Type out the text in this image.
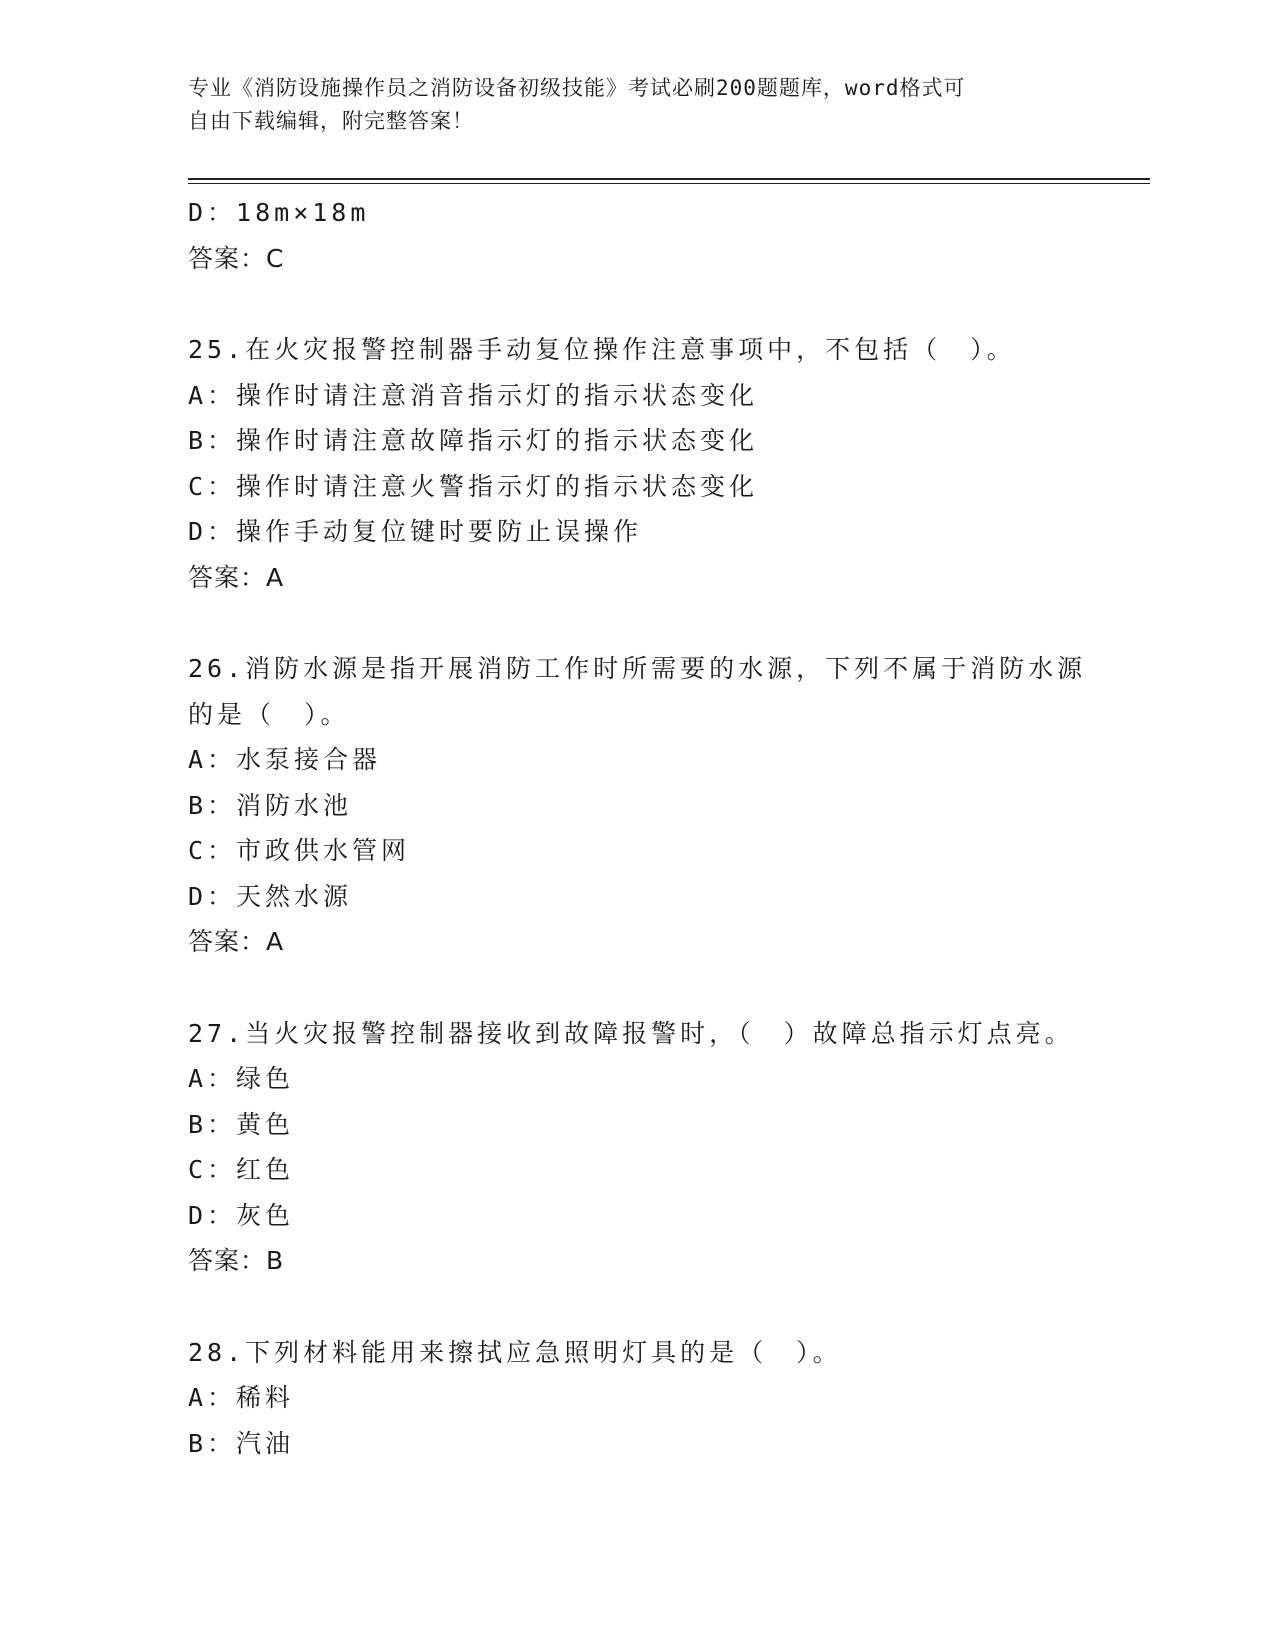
专业《消防设施操作员之消防设备初级技能》考试必刷200题题库，word格式可
自由下载编辑，附完整答案！
D：18m×18m
答案：C
25.在火灾报警控制器手动复位操作注意事项中，不包括（　）。
A：操作时请注意消音指示灯的指示状态变化
B：操作时请注意故障指示灯的指示状态变化
C：操作时请注意火警指示灯的指示状态变化
D：操作手动复位键时要防止误操作
答案：A
26.消防水源是指开展消防工作时所需要的水源，下列不属于消防水源
的是（　）。
A：水泵接合器
B：消防水池
C：市政供水管网
D：天然水源
答案：A
27.当火灾报警控制器接收到故障报警时，（　）故障总指示灯点亮。
A：绿色
B：黄色
C：红色
D：灰色
答案：B
28.下列材料能用来擦拭应急照明灯具的是（　）。
A：稀料
B：汽油
